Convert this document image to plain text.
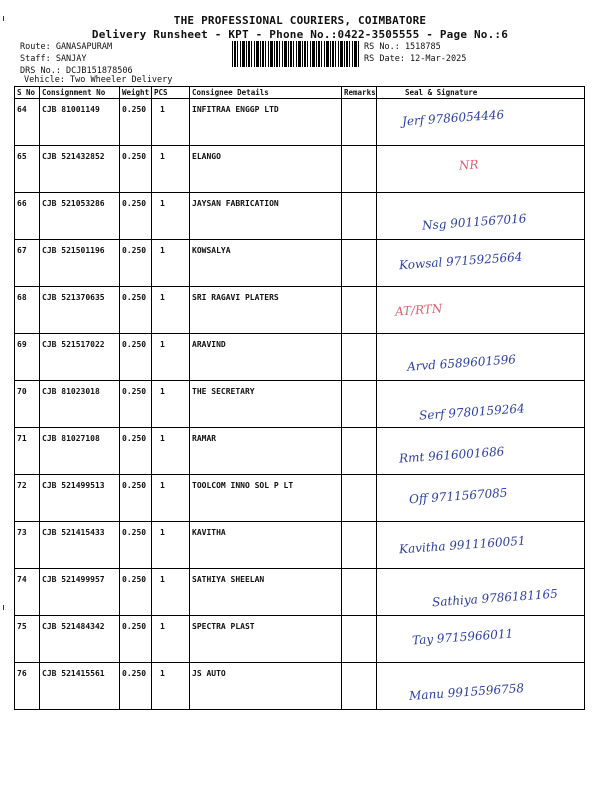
THE PROFESSIONAL COURIERS, COIMBATORE
Delivery Runsheet - KPT - Phone No.:0422-3505555 - Page No.:6
Route: GANASAPURAM
Staff: SANJAY
DRS No.: DCJB151878506
Vehicle: Two Wheeler Delivery
RS No.: 1518785
RS Date: 12-Mar-2025
S No	Consignment No	Weight	PCS	Consignee Details	Remarks	Seal & Signature
64	CJB 81001149	0.250	1	INFITRAA ENGGP LTD		Jerf 9786054446

65	CJB 521432852	0.250	1	ELANGO		NR

66	CJB 521053286	0.250	1	JAYSAN FABRICATION		Nsg 9011567016

67	CJB 521501196	0.250	1	KOWSALYA		Kowsal 9715925664

68	CJB 521370635	0.250	1	SRI RAGAVI PLATERS		AT/RTN

69	CJB 521517022	0.250	1	ARAVIND		Arvd 6589601596

70	CJB 81023018	0.250	1	THE SECRETARY		Serf 9780159264

71	CJB 81027108	0.250	1	RAMAR		Rmt 9616001686

72	CJB 521499513	0.250	1	TOOLCOM INNO SOL P LT		Off 9711567085

73	CJB 521415433	0.250	1	KAVITHA		Kavitha 9911160051

74	CJB 521499957	0.250	1	SATHIYA SHEELAN		Sathiya 9786181165

75	CJB 521484342	0.250	1	SPECTRA PLAST		Tay 9715966011

76	CJB 521415561	0.250	1	JS AUTO		Manu 9915596758
